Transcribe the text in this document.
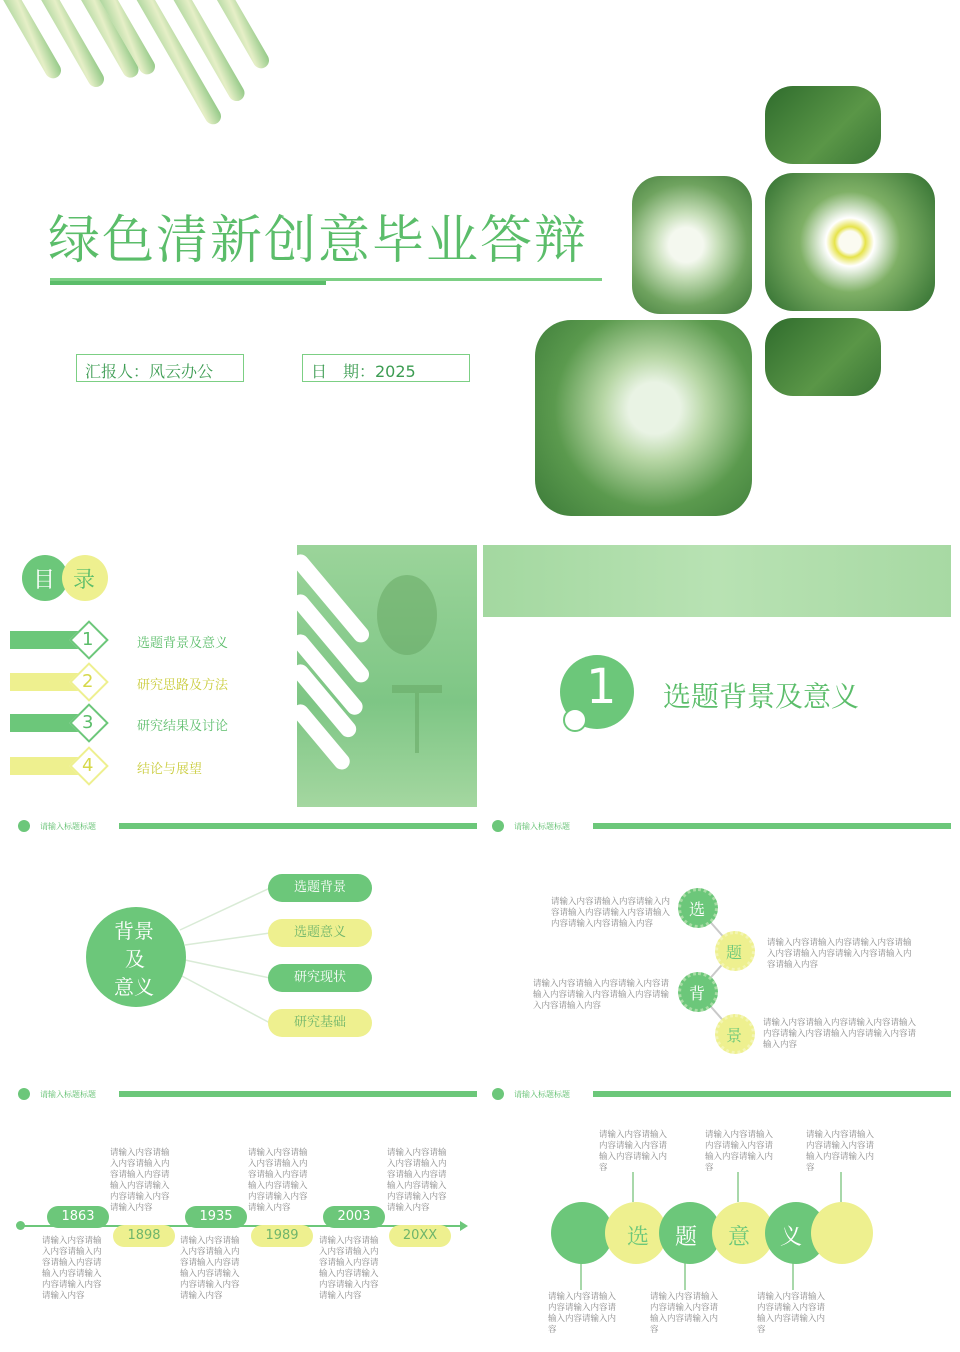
绿色清新创意毕业答辩
汇报人：风云办公	日　期：2025
目 录
1	选题背景及意义
2	研究思路及方法
3	研究结果及讨论
4	结论与展望
1 选题背景及意义
请输入标题标题	请输入标题标题
请输入标题标题	请输入标题标题
背景
及
意义
选题背景
选题意义
研究现状
研究基础
选
题
背
景
请输入内容请输入内容请输入内容请输入内容请输入内容请输入内容请输入内容请输入内容
请输入内容请输入内容请输入内容请输入内容请输入内容请输入内容请输入内容请输入内容
请输入内容请输入内容请输入内容请输入内容请输入内容请输入内容请输入内容请输入内容
请输入内容请输入内容请输入内容请输入内容请输入内容请输入内容请输入内容请输入内容
1863
1898
1935
1989
2003
20XX
请输入内容请输入内容请输入内容请输入内容请输入内容请输入内容请输入内容请输入内容
请输入内容请输入内容请输入内容请输入内容请输入内容请输入内容请输入内容请输入内容
请输入内容请输入内容请输入内容请输入内容请输入内容请输入内容请输入内容请输入内容
请输入内容请输入内容请输入内容请输入内容请输入内容请输入内容请输入内容请输入内容
请输入内容请输入内容请输入内容请输入内容请输入内容请输入内容请输入内容请输入内容
请输入内容请输入内容请输入内容请输入内容请输入内容请输入内容请输入内容请输入内容
选 题 意 义
请输入内容请输入内容请输入内容请输入内容请输入内容
请输入内容请输入内容请输入内容请输入内容请输入内容
请输入内容请输入内容请输入内容请输入内容请输入内容
请输入内容请输入内容请输入内容请输入内容请输入内容
请输入内容请输入内容请输入内容请输入内容请输入内容
请输入内容请输入内容请输入内容请输入内容请输入内容
